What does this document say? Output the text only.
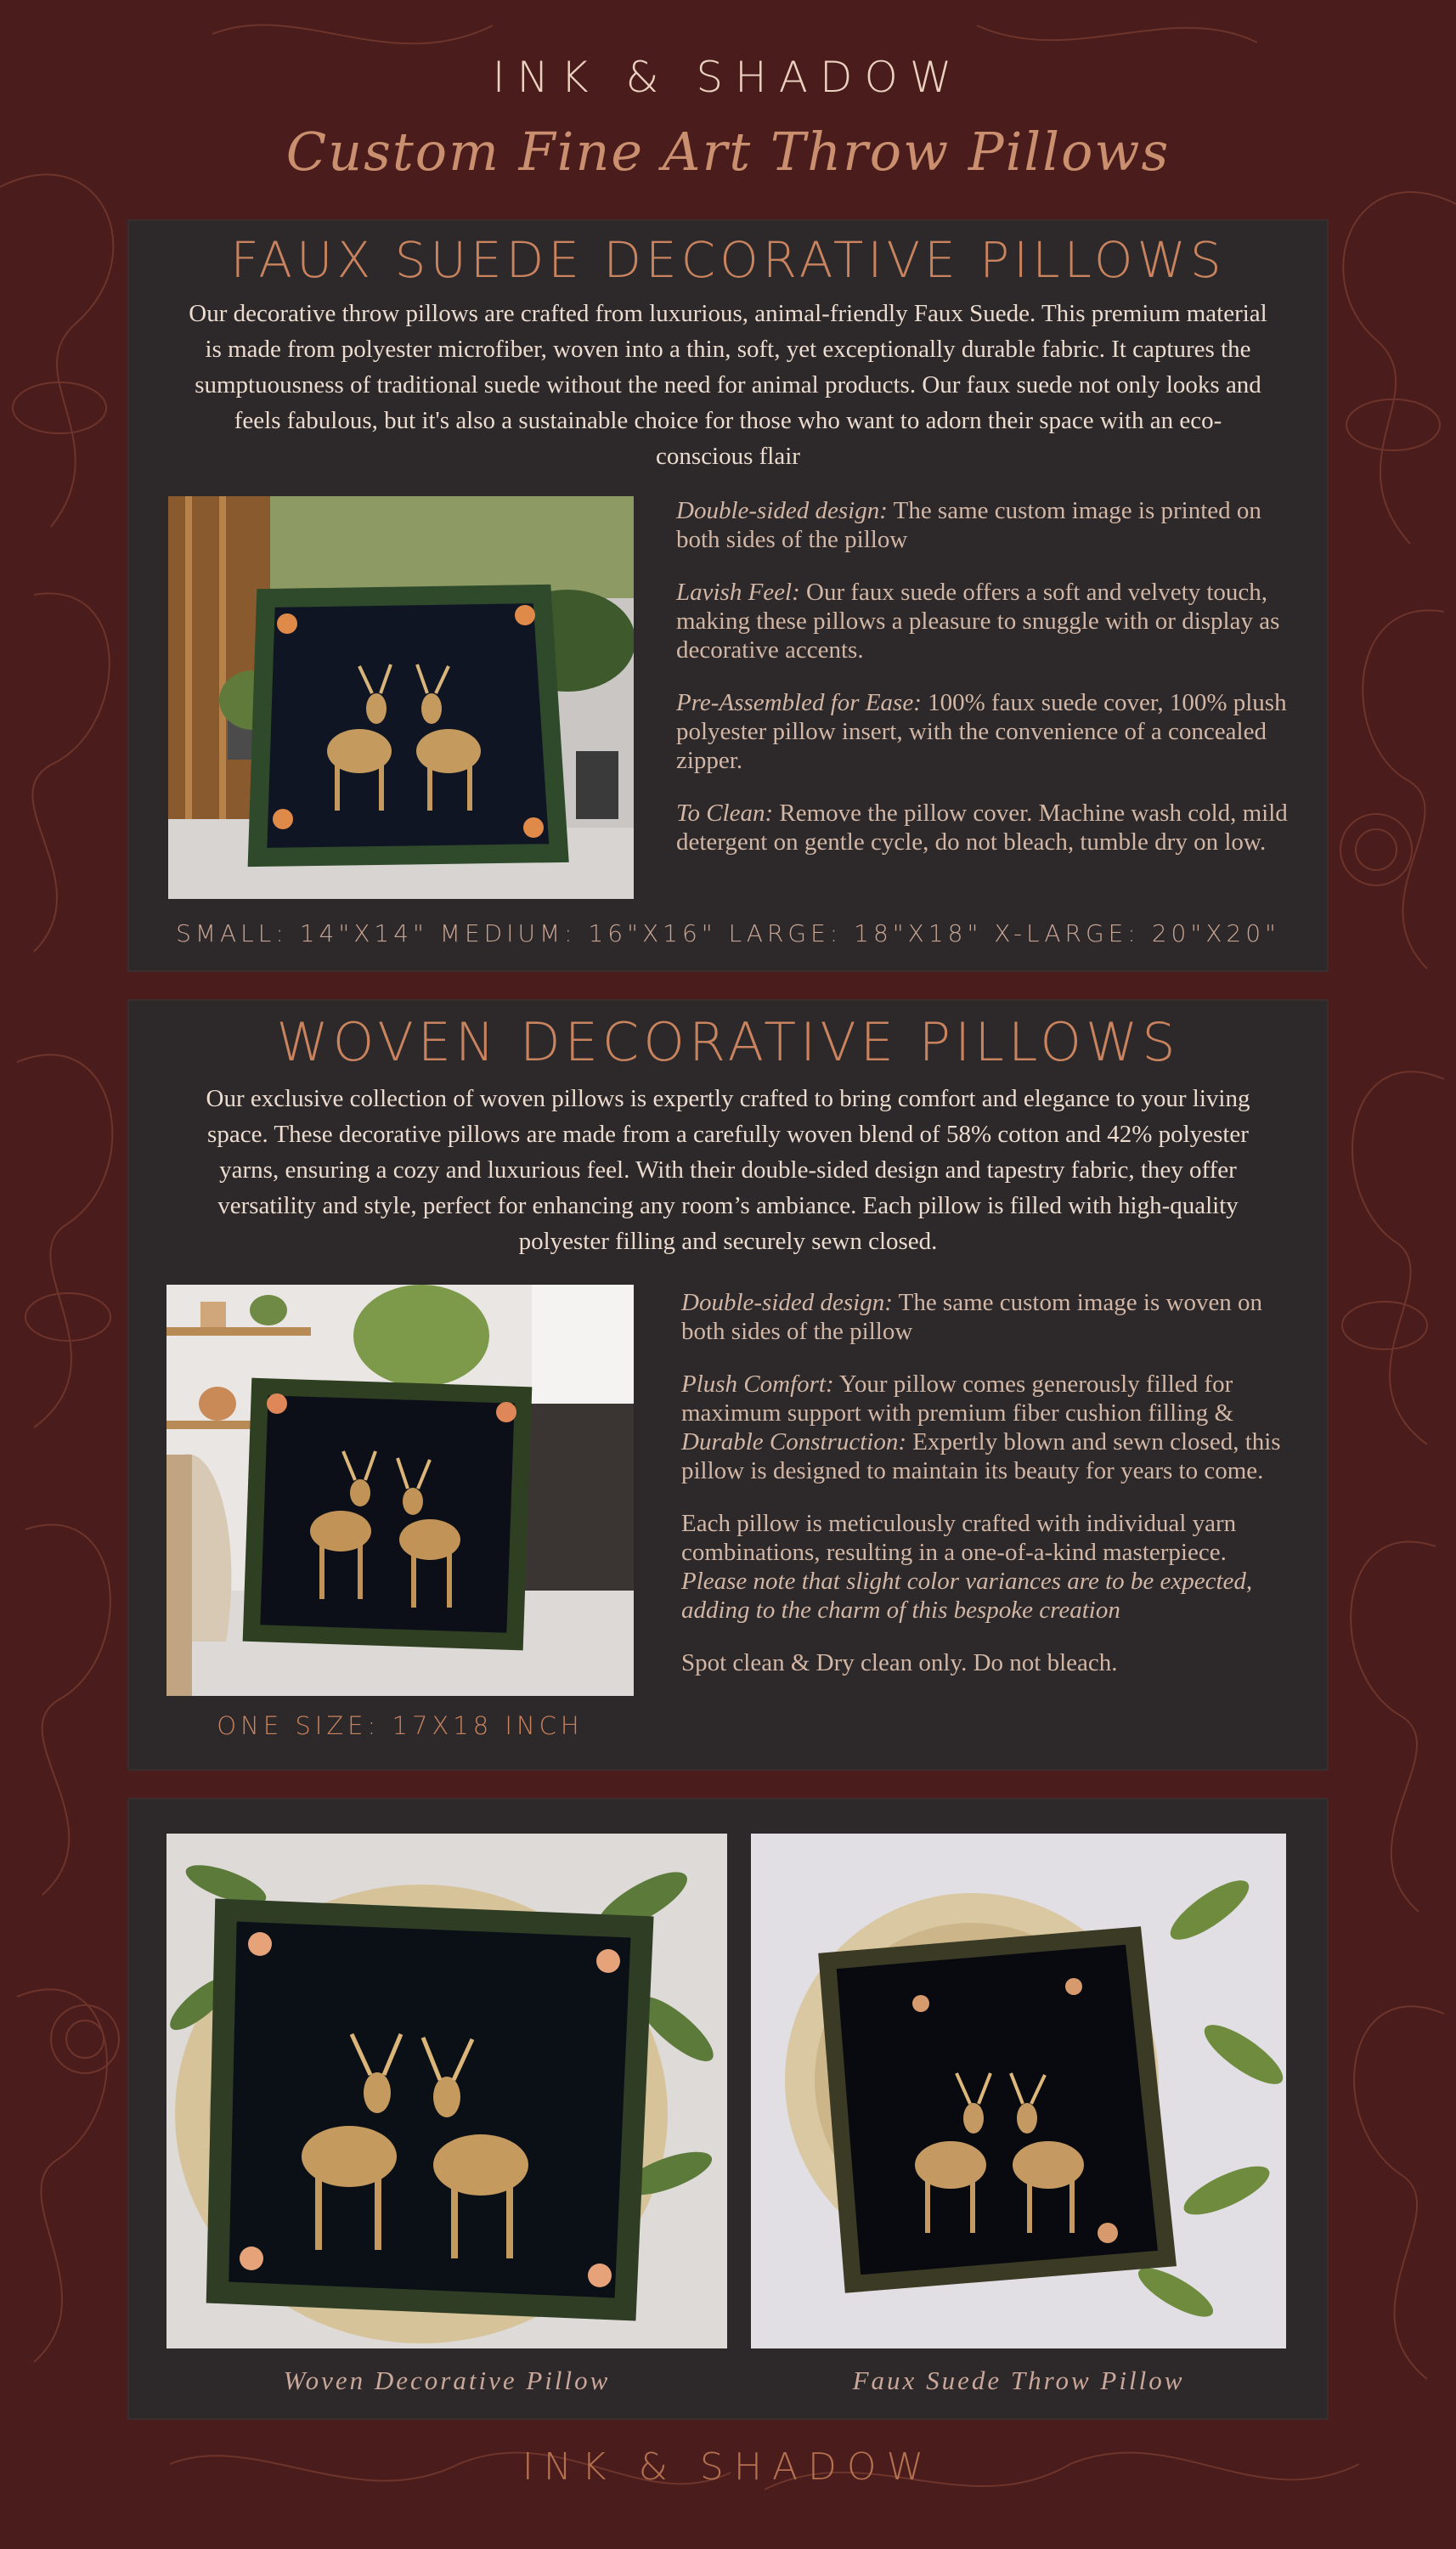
INK & SHADOW
Custom Fine Art Throw Pillows
FAUX SUEDE DECORATIVE PILLOWS
Our decorative throw pillows are crafted from luxurious, animal-friendly Faux Suede. This premium material is made from polyester microfiber, woven into a thin, soft, yet exceptionally durable fabric. It captures the sumptuousness of traditional suede without the need for animal products. Our faux suede not only looks and feels fabulous, but it's also a sustainable choice for those who want to adorn their space with an eco-conscious flair

Double-sided design: The same custom image is printed on both sides of the pillow

Lavish Feel: Our faux suede offers a soft and velvety touch, making these pillows a pleasure to snuggle with or display as decorative accents.

Pre-Assembled for Ease: 100% faux suede cover, 100% plush polyester pillow insert, with the convenience of a concealed zipper.

To Clean: Remove the pillow cover. Machine wash cold, mild detergent on gentle cycle, do not bleach, tumble dry on low.

SMALL: 14"X14" MEDIUM: 16"X16" LARGE: 18"X18" X-LARGE: 20"X20"
WOVEN DECORATIVE PILLOWS
Our exclusive collection of woven pillows is expertly crafted to bring comfort and elegance to your living space. These decorative pillows are made from a carefully woven blend of 58% cotton and 42% polyester yarns, ensuring a cozy and luxurious feel. With their double-sided design and tapestry fabric, they offer versatility and style, perfect for enhancing any room’s ambiance. Each pillow is filled with high-quality polyester filling and securely sewn closed.
ONE SIZE: 17X18 INCH

Double-sided design: The same custom image is woven on both sides of the pillow

Plush Comfort: Your pillow comes generously filled for maximum support with premium fiber cushion filling & Durable Construction: Expertly blown and sewn closed, this pillow is designed to maintain its beauty for years to come.

Each pillow is meticulously crafted with individual yarn combinations, resulting in a one-of-a-kind masterpiece. Please note that slight color variances are to be expected, adding to the charm of this bespoke creation

Spot clean & Dry clean only. Do not bleach.

Woven Decorative Pillow	Faux Suede Throw Pillow
INK & SHADOW
